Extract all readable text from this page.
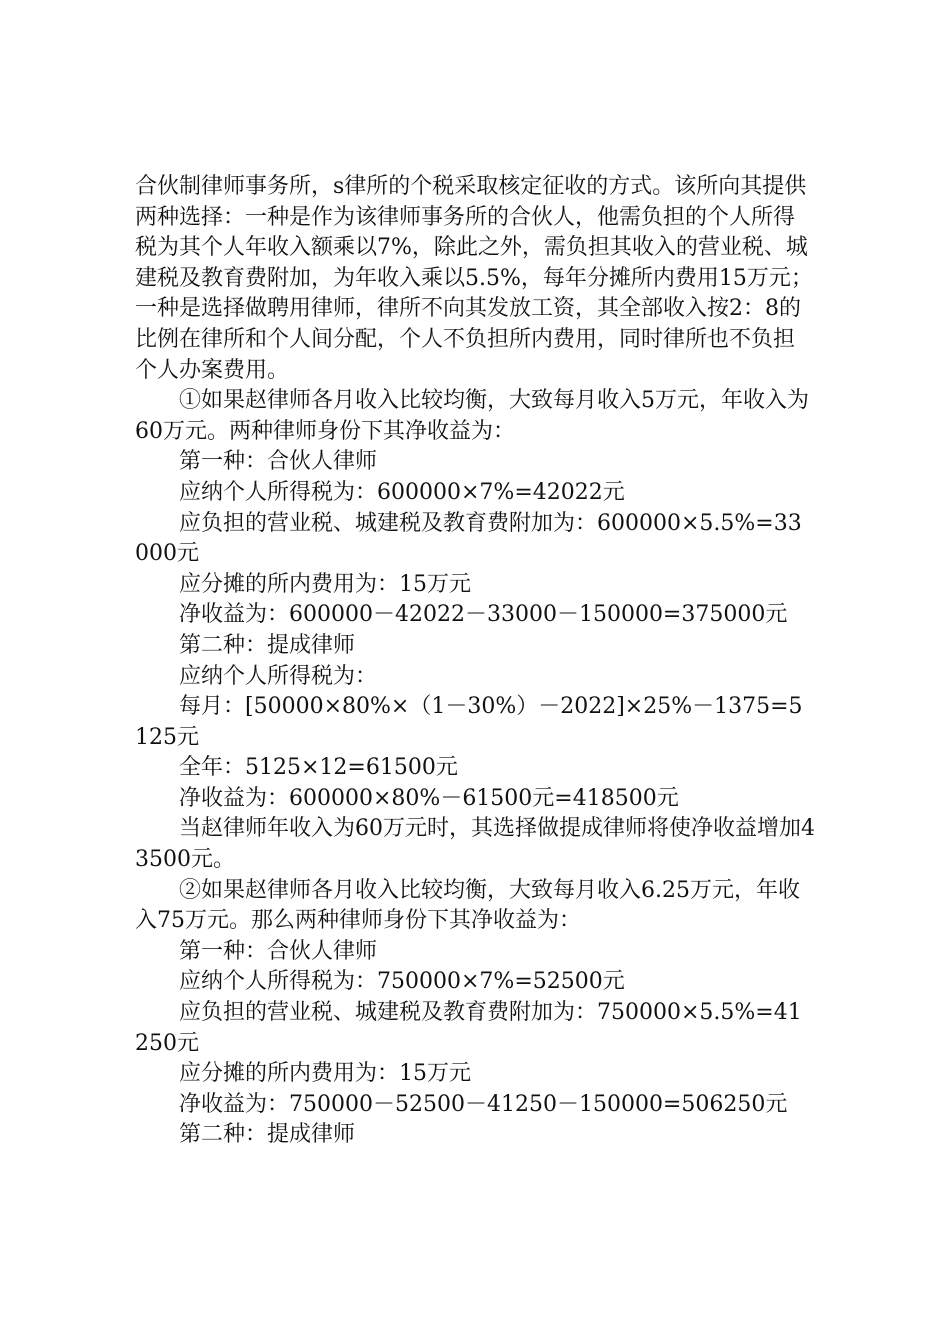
合伙制律师事务所，s律所的个税采取核定征收的方式。该所向其提供两种选择：一种是作为该律师事务所的合伙人，他需负担的个人所得税为其个人年收入额乘以7%，除此之外，需负担其收入的营业税、城建税及教育费附加，为年收入乘以5.5%，每年分摊所内费用15万元；一种是选择做聘用律师，律所不向其发放工资，其全部收入按2：8的比例在律所和个人间分配，个人不负担所内费用，同时律所也不负担个人办案费用。

①如果赵律师各月收入比较均衡，大致每月收入5万元，年收入为60万元。两种律师身份下其净收益为：

第一种：合伙人律师

应纳个人所得税为：600000×7%=42022元

应负担的营业税、城建税及教育费附加为：600000×5.5%=33000元

应分摊的所内费用为：15万元

净收益为：600000－42022－33000－150000=375000元

第二种：提成律师

应纳个人所得税为：

每月：[50000×80%×（1－30%）－2022]×25%－1375=5125元

全年：5125×12=61500元

净收益为：600000×80%－61500元=418500元

当赵律师年收入为60万元时，其选择做提成律师将使净收益增加43500元。

②如果赵律师各月收入比较均衡，大致每月收入6.25万元，年收入75万元。那么两种律师身份下其净收益为：

第一种：合伙人律师

应纳个人所得税为：750000×7%=52500元

应负担的营业税、城建税及教育费附加为：750000×5.5%=41250元

应分摊的所内费用为：15万元

净收益为：750000－52500－41250－150000=506250元

第二种：提成律师
